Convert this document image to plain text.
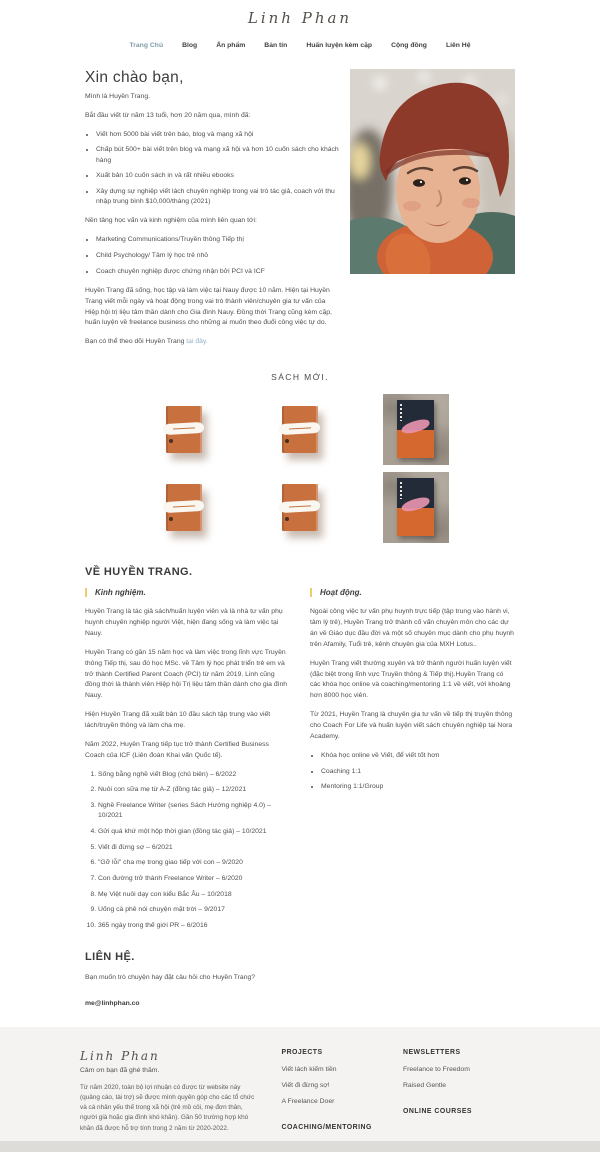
Linh Phan
Trang Chủ	Blog	Ấn phẩm	Bản tin	Huấn luyện kèm cặp	Cộng đồng	Liên Hệ
Xin chào bạn,

Mình là Huyền Trang.

Bắt đầu viết từ năm 13 tuổi, hơn 20 năm qua, mình đã:

• Viết hơn 5000 bài viết trên báo, blog và mạng xã hội
• Chấp bút 500+ bài viết trên blog và mạng xã hội và hơn 10 cuốn sách cho khách hàng
• Xuất bản 10 cuốn sách in và rất nhiều ebooks
• Xây dựng sự nghiệp viết lách chuyên nghiệp trong vai trò tác giả, coach với thu nhập trung bình $10,000/tháng (2021)

Nền tảng học vấn và kinh nghiệm của mình liên quan tới:

• Marketing Communications/Truyền thông Tiếp thị
• Child Psychology/ Tâm lý học trẻ nhỏ
• Coach chuyên nghiệp được chứng nhận bởi PCI và ICF

Huyền Trang đã sống, học tập và làm việc tại Nauy được 10 năm. Hiện tại Huyền Trang viết mỗi ngày và hoạt động trong vai trò thành viên/chuyên gia tư vấn của Hiệp hội trị liệu tâm thần dành cho Gia đình Nauy. Đồng thời Trang cũng kèm cặp, huấn luyện về freelance business cho những ai muốn theo đuổi công việc tự do.

Bạn có thể theo dõi Huyền Trang tại đây.

SÁCH MỚI.
VỀ HUYỀN TRANG.
Kinh nghiệm.

Huyền Trang là tác giả sách/huấn luyện viên và là nhà tư vấn phụ huynh chuyên nghiệp người Việt, hiện đang sống và làm việc tại Nauy.

Huyền Trang có gần 15 năm học và làm việc trong lĩnh vực Truyền thông Tiếp thị, sau đó học MSc. về Tâm lý học phát triển trẻ em và trở thành Certified Parent Coach (PCI) từ năm 2019. Linh cũng đồng thời là thành viên Hiệp hội Trị liệu tâm thần dành cho gia đình Nauy.

Hiện Huyền Trang đã xuất bản 10 đầu sách tập trung vào viết lách/truyền thông và làm cha mẹ.

Năm 2022, Huyền Trang tiếp tục trở thành Certified Business Coach của ICF (Liên đoàn Khai vấn Quốc tế).

1. Sống bằng nghề viết Blog (chủ biên) – 6/2022
2. Nuôi con sữa mẹ từ A-Z (đồng tác giả) – 12/2021
3. Nghề Freelance Writer (series Sách Hướng nghiệp 4.0) – 10/2021
4. Gửi quá khứ một hộp thời gian (đồng tác giả) – 10/2021
5. Viết đi đừng sợ – 6/2021
6. "Gỡ lỗi" cha mẹ trong giao tiếp với con – 9/2020
7. Con đường trở thành Freelance Writer – 6/2020
8. Mẹ Việt nuôi dạy con kiểu Bắc Âu – 10/2018
9. Uống cà phê nói chuyện mặt trời – 9/2017
10. 365 ngày trong thế giới PR – 6/2016
Hoạt động.

Ngoài công việc tư vấn phụ huynh trực tiếp (tập trung vào hành vi, tâm lý trẻ), Huyền Trang trở thành cố vấn chuyên môn cho các dự án về Giáo dục đầu đời và một số chuyên mục dành cho phụ huynh trên Afamily, Tuổi trẻ, kênh chuyên gia của MXH Lotus..

Huyền Trang viết thường xuyên và trở thành người huấn luyện viết (đặc biệt trong lĩnh vực Truyền thông & Tiếp thị).Huyền Trang có các khóa học online và coaching/mentoring 1:1 về viết, với khoảng hơn 8000 học viên.

Từ 2021, Huyền Trang là chuyên gia tư vấn về tiếp thị truyền thông cho Coach For Life và huấn luyện viết sách chuyên nghiệp tại Nora Academy.

• Khóa học online về Viết, để viết tốt hơn
• Coaching 1:1
• Mentoring 1:1/Group
LIÊN HỆ.

Bạn muốn trò chuyện hay đặt câu hỏi cho Huyền Trang?

me@linhphan.co
Linh Phan

Cảm ơn bạn đã ghé thăm.

Từ năm 2020, toàn bộ lợi nhuận có được từ website này (quảng cáo, tài trợ) sẽ được mình quyên góp cho các tổ chức và cá nhân yếu thế trong xã hội (trẻ mồ côi, mẹ đơn thân, người già hoặc gia đình khó khăn). Gần 50 trường hợp khó khăn đã được hỗ trợ tính trong 2 năm từ 2020-2022.

PROJECTS
Viết lách kiếm tiền
Viết đi đừng sợ!
A Freelance Doer
COACHING/MENTORING
NEWSLETTERS
Freelance to Freedom
Raised Gentle
ONLINE COURSES
